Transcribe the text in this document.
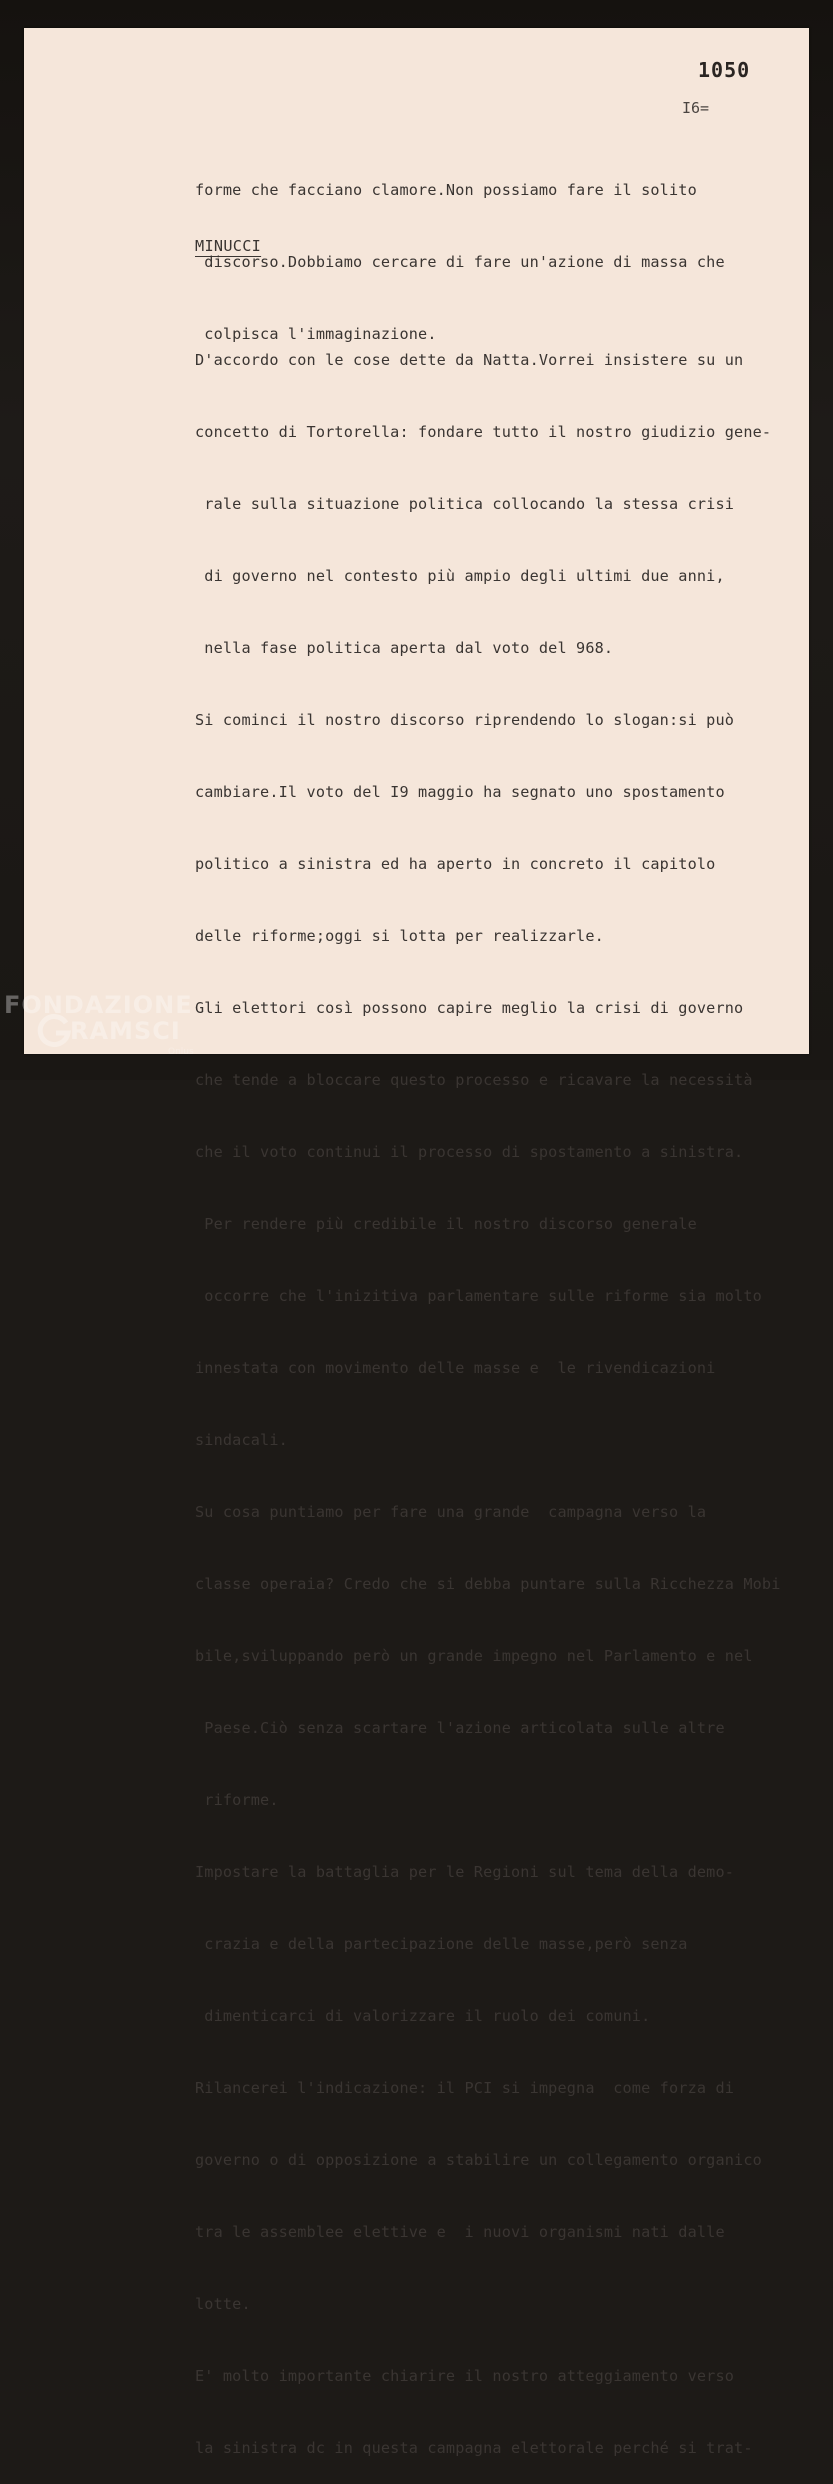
1050
I6=

forme che facciano clamore.Non possiamo fare il solito

discorso.Dobbiamo cercare di fare un'azione di massa che

colpisca l'immaginazione.

MINUCCI

D'accordo con le cose dette da Natta.Vorrei insistere su un

concetto di Tortorella: fondare tutto il nostro giudizio gene-

rale sulla situazione politica collocando la stessa crisi

di governo nel contesto più ampio degli ultimi due anni,

nella fase politica aperta dal voto del 968.

Si cominci il nostro discorso riprendendo lo slogan:si può

cambiare.Il voto del I9 maggio ha segnato uno spostamento

politico a sinistra ed ha aperto in concreto il capitolo

delle riforme;oggi si lotta per realizzarle.

Gli elettori così possono capire meglio la crisi di governo

che tende a bloccare questo processo e ricavare la necessità

che il voto continui il processo di spostamento a sinistra.

Per rendere più credibile il nostro discorso generale

occorre che l'inizitiva parlamentare sulle riforme sia molto

innestata con movimento delle masse e  le rivendicazioni

sindacali.

Su cosa puntiamo per fare una grande  campagna verso la

classe operaia? Credo che si debba puntare sulla Ricchezza Mobi

bile,sviluppando però un grande impegno nel Parlamento e nel

Paese.Ciò senza scartare l'azione articolata sulle altre

riforme.

Impostare la battaglia per le Regioni sul tema della demo-

crazia e della partecipazione delle masse,però senza

dimenticarci di valorizzare il ruolo dei comuni.

Rilancerei l'indicazione: il PCI si impegna  come forza di

governo o di opposizione a stabilire un collegamento organico

tra le assemblee elettive e  i nuovi organismi nati dalle

lotte.

E' molto importante chiarire il nostro atteggiamento verso

la sinistra dc in questa campagna elettorale perché si trat-

FONDAZIONE
RAMSCI
Onlus
